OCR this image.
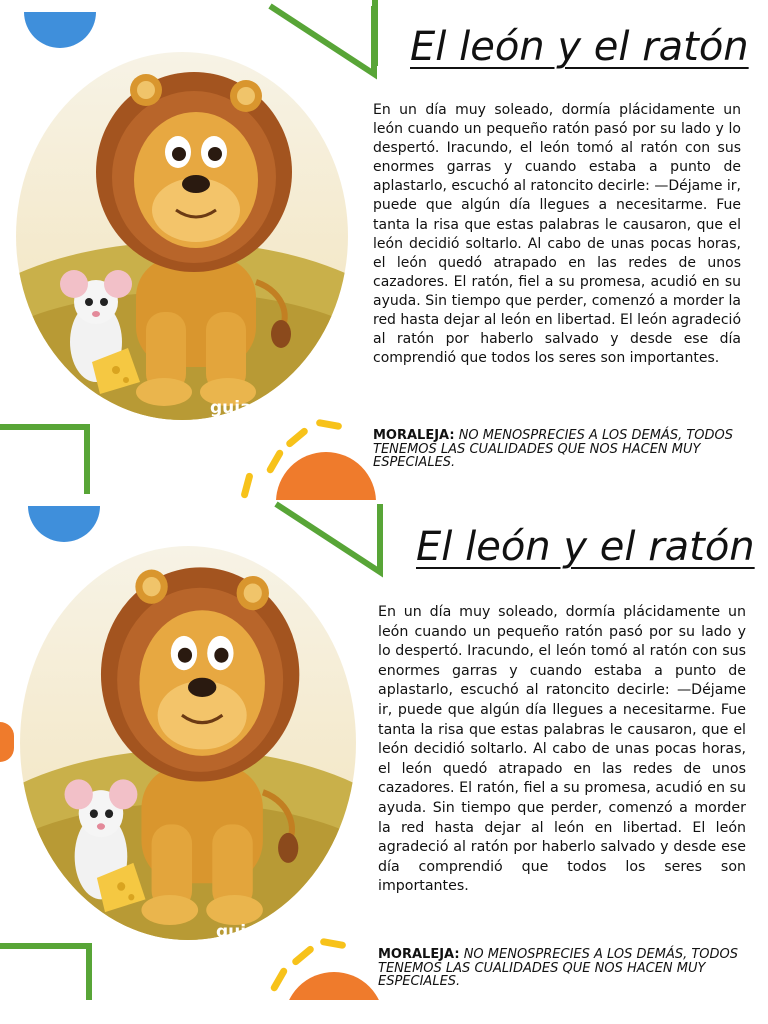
guia
El león y el ratón

En un día muy soleado, dormía plácidamente un león cuando un pequeño ratón pasó por su lado y lo despertó. Iracundo, el león tomó al ratón con sus enormes garras y cuando estaba a punto de aplastarlo, escuchó al ratoncito decirle: —Déjame ir, puede que algún día llegues a necesitarme. Fue tanta la risa que estas palabras le causaron, que el león decidió soltarlo. Al cabo de unas pocas horas, el león quedó atrapado en las redes de unos cazadores. El ratón, fiel a su promesa, acudió en su ayuda. Sin tiempo que perder, comenzó a morder la red hasta dejar al león en libertad. El león agradeció al ratón por haberlo salvado y desde ese día comprendió que todos los seres son importantes.

MORALEJA: NO MENOSPRECIES A LOS DEMÁS, TODOS TENEMOS LAS CUALIDADES QUE NOS HACEN MUY ESPECIALES.

guia
El león y el ratón

En un día muy soleado, dormía plácidamente un león cuando un pequeño ratón pasó por su lado y lo despertó. Iracundo, el león tomó al ratón con sus enormes garras y cuando estaba a punto de aplastarlo, escuchó al ratoncito decirle: —Déjame ir, puede que algún día llegues a necesitarme. Fue tanta la risa que estas palabras le causaron, que el león decidió soltarlo. Al cabo de unas pocas horas, el león quedó atrapado en las redes de unos cazadores. El ratón, fiel a su promesa, acudió en su ayuda. Sin tiempo que perder, comenzó a morder la red hasta dejar al león en libertad. El león agradeció al ratón por haberlo salvado y desde ese día comprendió que todos los seres son importantes.

MORALEJA: NO MENOSPRECIES A LOS DEMÁS, TODOS TENEMOS LAS CUALIDADES QUE NOS HACEN MUY ESPECIALES.
